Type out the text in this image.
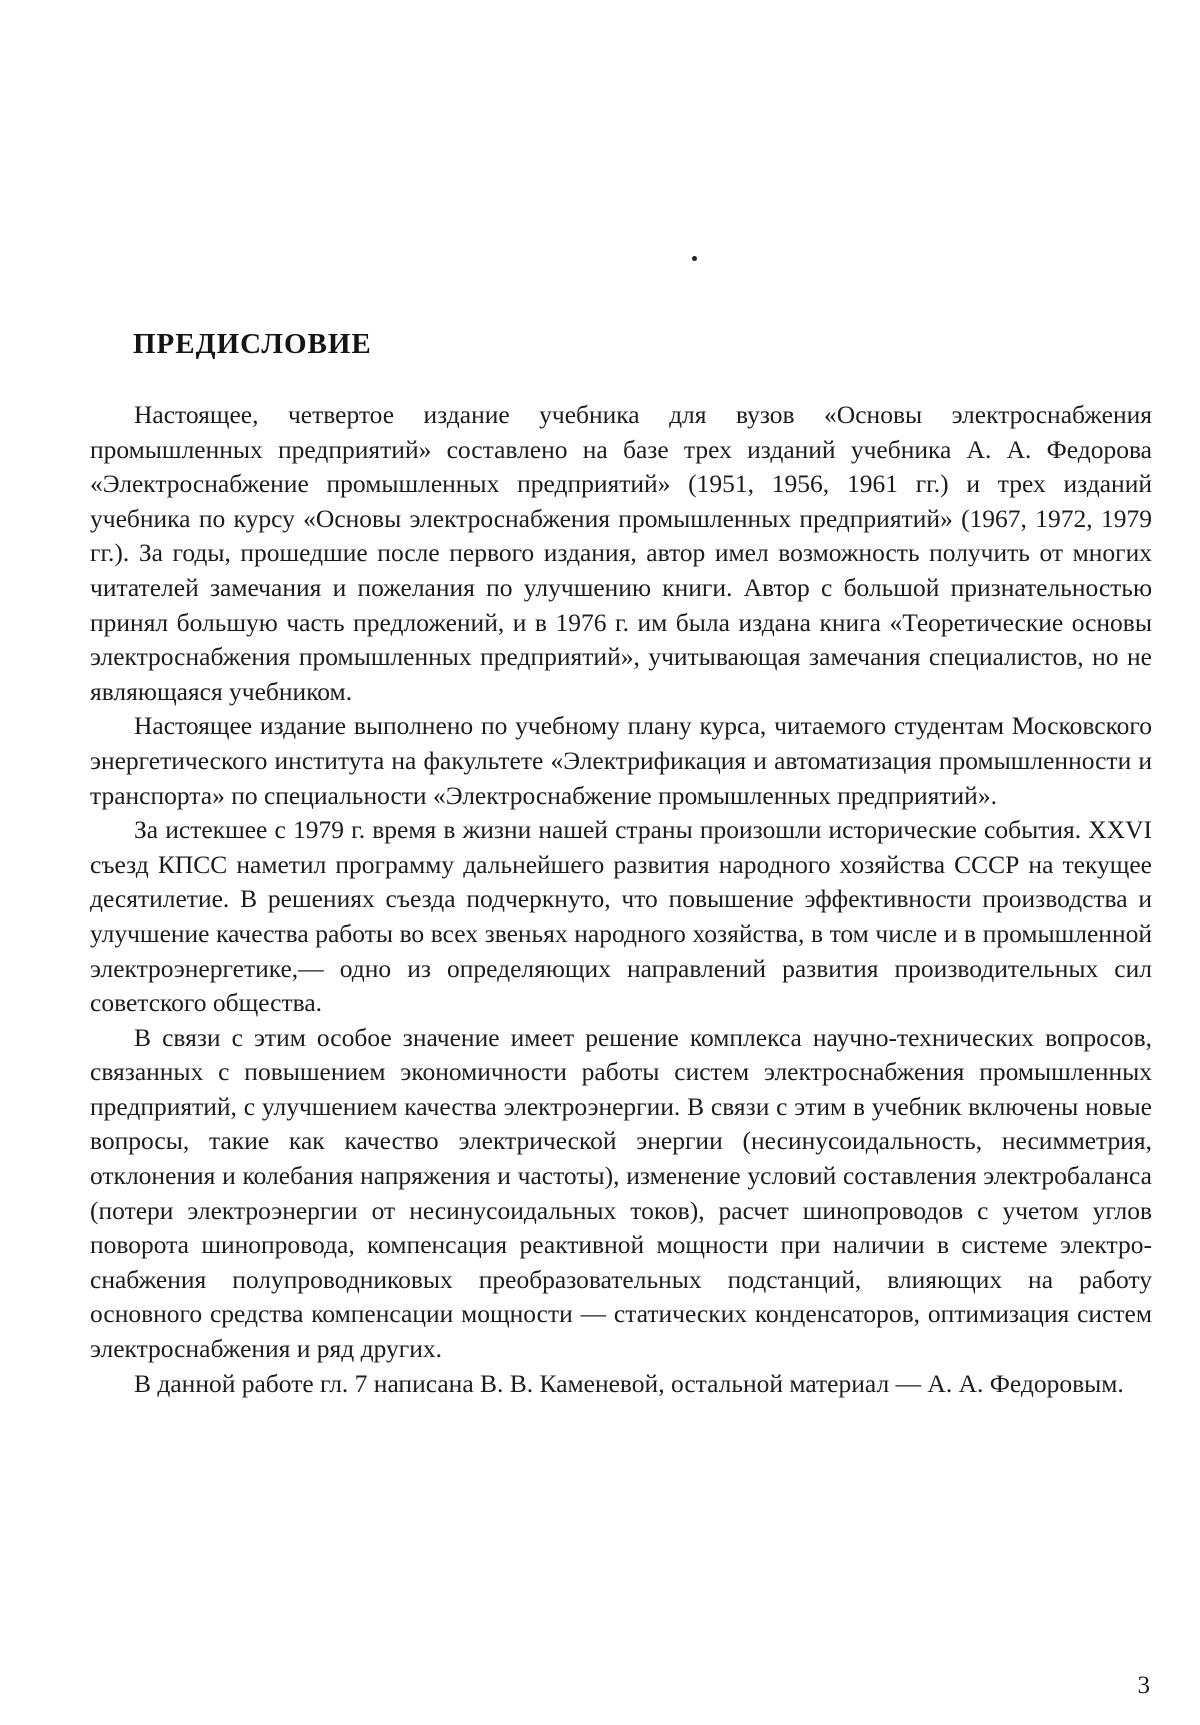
ПРЕДИСЛОВИЕ

Настоящее, четвертое издание учебника для вузов «Основы электроснабжения промышленных предприятий» составлено на базе трех изданий учебника А. А. Федорова «Электроснабжение промышленных предприятий» (1951, 1956, 1961 гг.) и трех изданий учебника по курсу «Основы электроснабжения промышленных предприятий» (1967, 1972, 1979 гг.). За годы, прошедшие после первого издания, автор имел возможность получить от многих читателей замечания и пожелания по улучшению книги. Автор с большой признательностью принял большую часть предложений, и в 1976 г. им была издана книга «Теоретические основы электроснабжения промышленных предприятий», учитывающая замечания специалистов, но не являющаяся учебником.

Настоящее издание выполнено по учебному плану курса, читаемого студентам Московского энергетического института на факультете «Электрификация и автоматизация промышленности и транспорта» по специальности «Электроснабжение промышленных предприятий».

За истекшее с 1979 г. время в жизни нашей страны произошли исторические события. XXVI съезд КПСС наметил программу дальнейшего развития народного хозяйства СССР на текущее десятилетие. В решениях съезда подчеркнуто, что повышение эффективности производства и улучшение качества работы во всех звеньях народного хозяйства, в том числе и в промышленной электроэнергетике,— одно из определяющих направлений развития производительных сил советского общества.

В связи с этим особое значение имеет решение комплекса научно-технических вопросов, связанных с повышением экономичности работы систем электроснабжения промышленных предприятий, с улучшением качества электроэнергии. В связи с этим в учебник включены новые вопросы, такие как качество электрической энергии (несинусоидальность, несимметрия, отклонения и колебания напряжения и частоты), изменение условий составления электробаланса (потери электроэнергии от несинусоидальных токов), расчет шинопроводов с учетом углов поворота шинопровода, компенсация реактивной мощности при наличии в системе электроснабжения полупроводниковых преобразовательных подстанций, влияющих на работу основного средства компенсации мощности — статических конденсаторов, оптимизация систем электроснабжения и ряд других.

В данной работе гл. 7 написана В. В. Каменевой, остальной материал — А. А. Федоровым.

3
